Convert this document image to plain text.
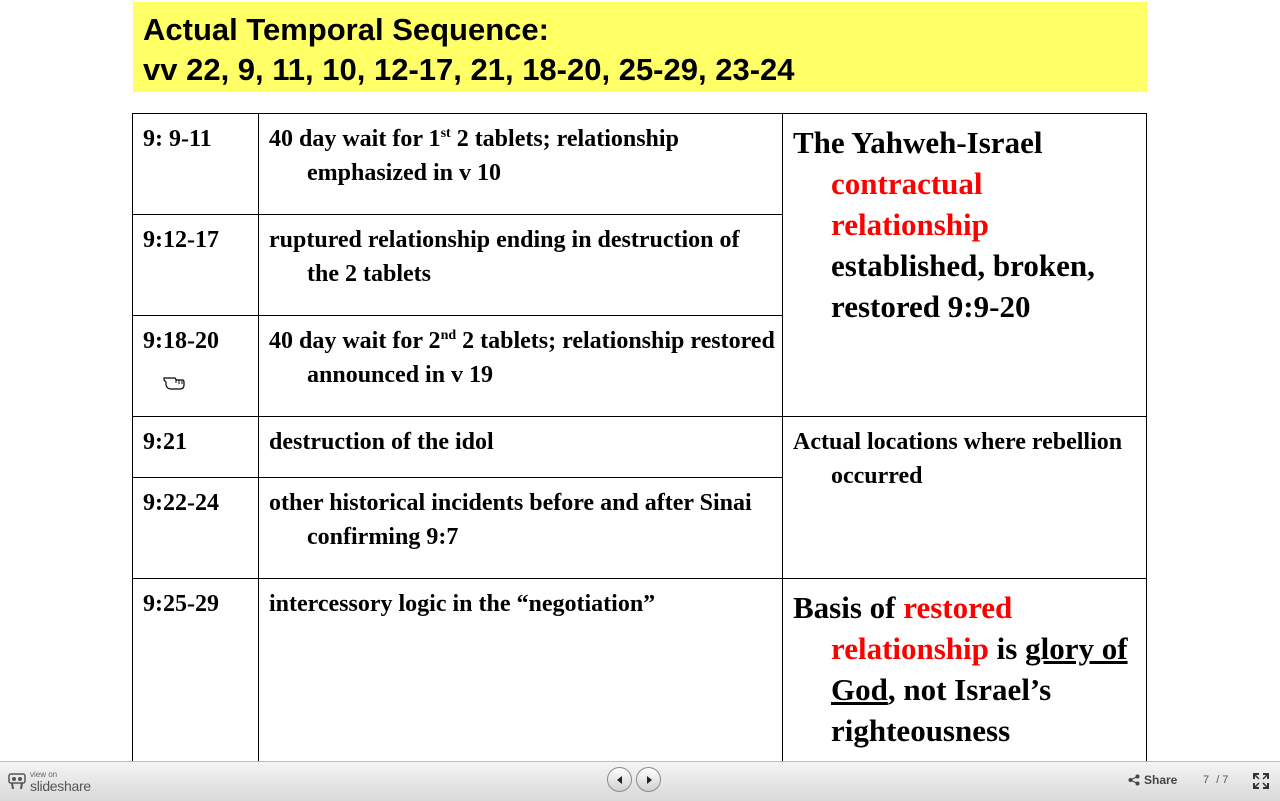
Actual Temporal Sequence:
vv 22, 9, 11, 10, 12-17, 21, 18-20, 25-29, 23-24
9: 9-11	40 day wait for 1st 2 tablets; relationship emphasized in v 10	The Yahweh-Israel contractual relationship established, broken, restored 9:9-20

9:12-17	ruptured relationship ending in destruction of the 2 tablets	

9:18-20	40 day wait for 2nd 2 tablets; relationship restored announced in v 19	

9:21	destruction of the idol	Actual locations where rebellion occurred

9:22-24	other historical incidents before and after Sinai confirming 9:7	

9:25-29	intercessory logic in the “negotiation”	Basis of restored relationship is glory of God, not Israel’s righteousness
view on
slideshare	Share 7 / 7
